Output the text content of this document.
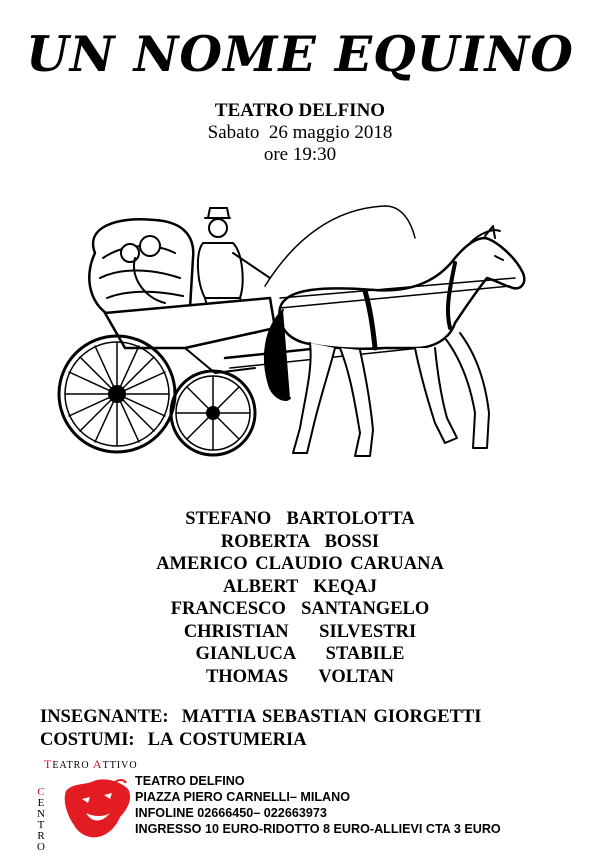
UN NOME EQUINO
TEATRO DELFINO
Sabato  26 maggio 2018
ore 19:30
STEFANO  BARTOLOTTA
ROBERTA  BOSSI
AMERICO CLAUDIO CARUANA
ALBERT  KEQAJ
FRANCESCO  SANTANGELO
CHRISTIAN    SILVESTRI
GIANLUCA    STABILE
THOMAS    VOLTAN
INSEGNANTE:  MATTIA SEBASTIAN GIORGETTI
COSTUMI:  LA COSTUMERIA
TEATRO ATTIVO
C
E
N
T
R
O
TEATRO DELFINO
PIAZZA PIERO CARNELLI– MILANO
INFOLINE 02666450– 022663973
INGRESSO 10 EURO-RIDOTTO 8 EURO-ALLIEVI CTA 3 EURO
